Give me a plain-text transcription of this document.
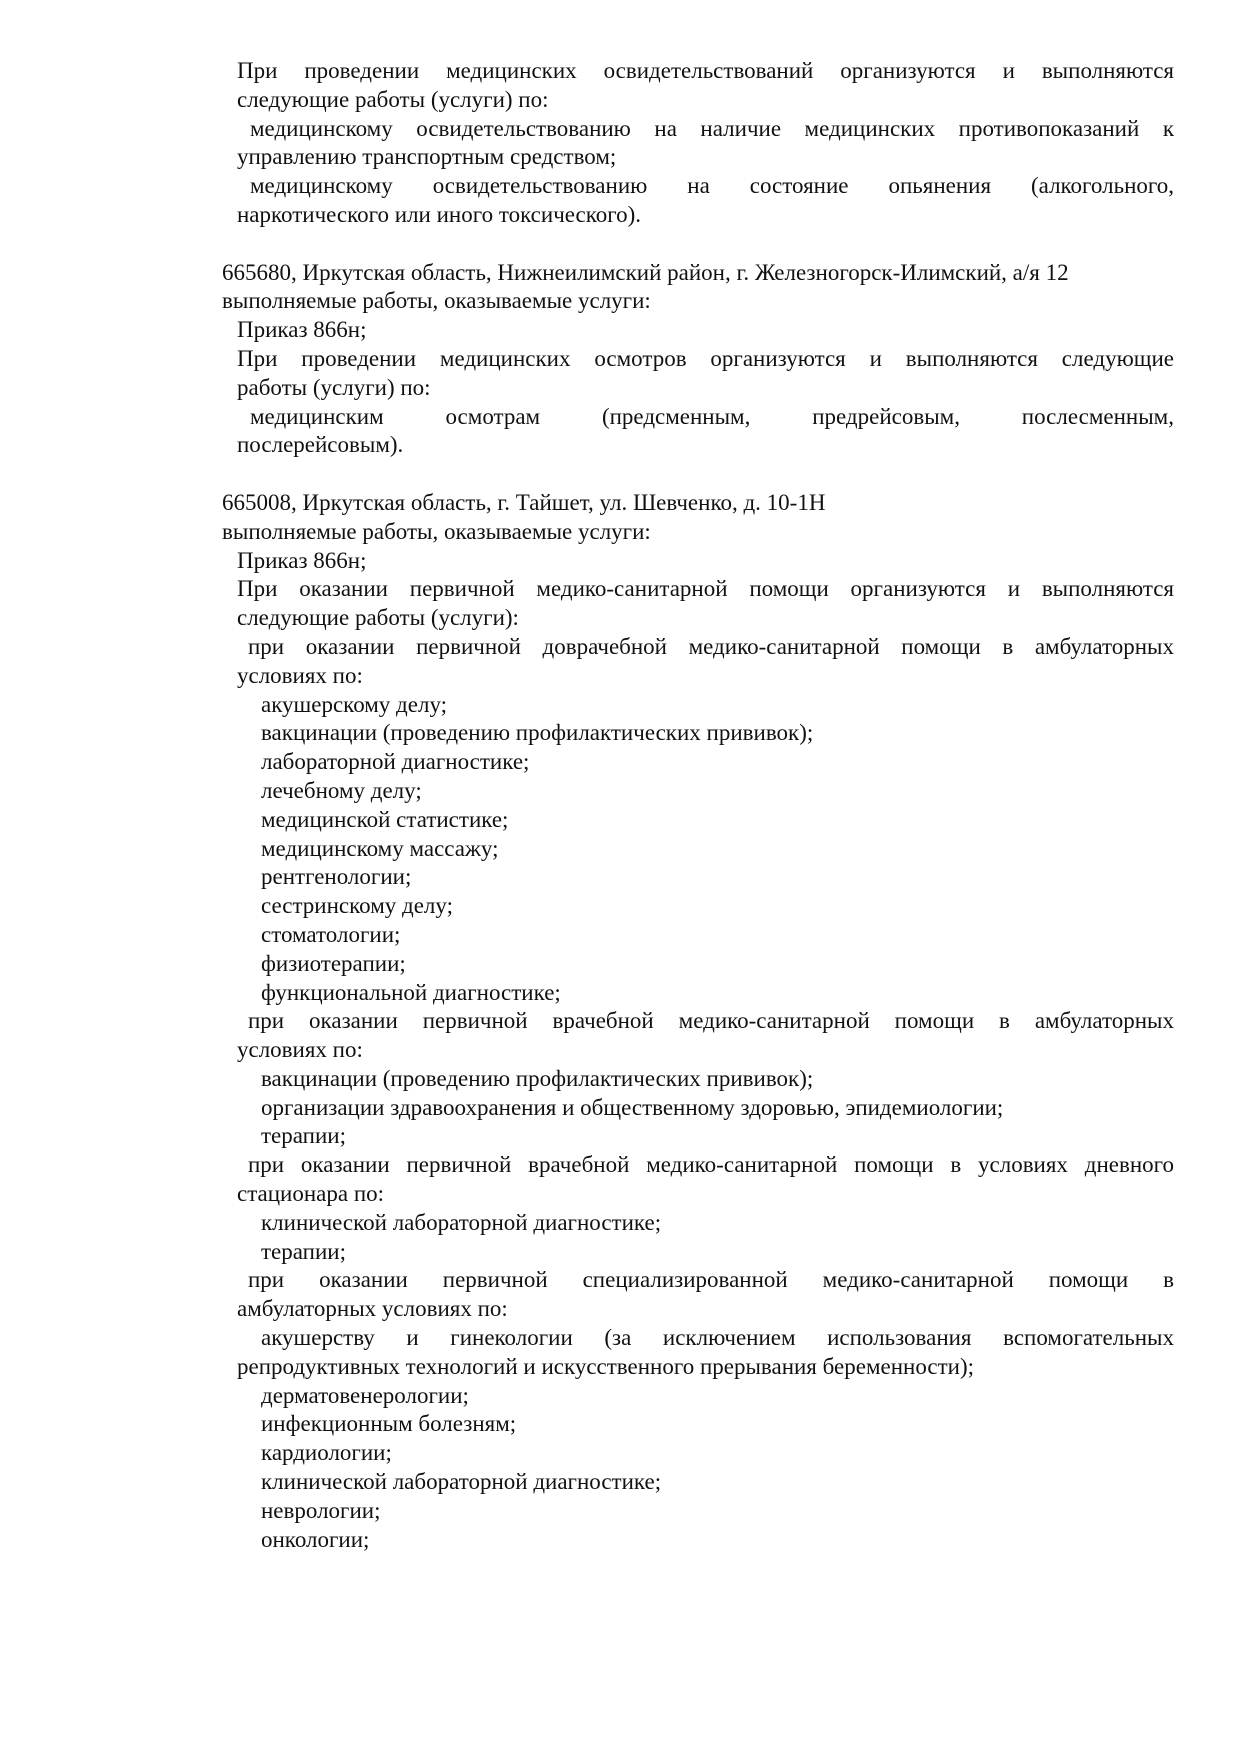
При проведении медицинских освидетельствований организуются и выполняются
следующие работы (услуги) по:
медицинскому освидетельствованию на наличие медицинских противопоказаний к
управлению транспортным средством;
медицинскому освидетельствованию на состояние опьянения (алкогольного,
наркотического или иного токсического).
665680, Иркутская область, Нижнеилимский район, г. Железногорск-Илимский, а/я 12
выполняемые работы, оказываемые услуги:
Приказ 866н;
При проведении медицинских осмотров организуются и выполняются следующие
работы (услуги) по:
медицинским осмотрам (предсменным, предрейсовым, послесменным,
послерейсовым).
665008, Иркутская область, г. Тайшет, ул. Шевченко, д. 10-1Н
выполняемые работы, оказываемые услуги:
Приказ 866н;
При оказании первичной медико-санитарной помощи организуются и выполняются
следующие работы (услуги):
при оказании первичной доврачебной медико-санитарной помощи в амбулаторных
условиях по:
акушерскому делу;
вакцинации (проведению профилактических прививок);
лабораторной диагностике;
лечебному делу;
медицинской статистике;
медицинскому массажу;
рентгенологии;
сестринскому делу;
стоматологии;
физиотерапии;
функциональной диагностике;
при оказании первичной врачебной медико-санитарной помощи в амбулаторных
условиях по:
вакцинации (проведению профилактических прививок);
организации здравоохранения и общественному здоровью, эпидемиологии;
терапии;
при оказании первичной врачебной медико-санитарной помощи в условиях дневного
стационара по:
клинической лабораторной диагностике;
терапии;
при оказании первичной специализированной медико-санитарной помощи в
амбулаторных условиях по:
акушерству и гинекологии (за исключением использования вспомогательных
репродуктивных технологий и искусственного прерывания беременности);
дерматовенерологии;
инфекционным болезням;
кардиологии;
клинической лабораторной диагностике;
неврологии;
онкологии;
